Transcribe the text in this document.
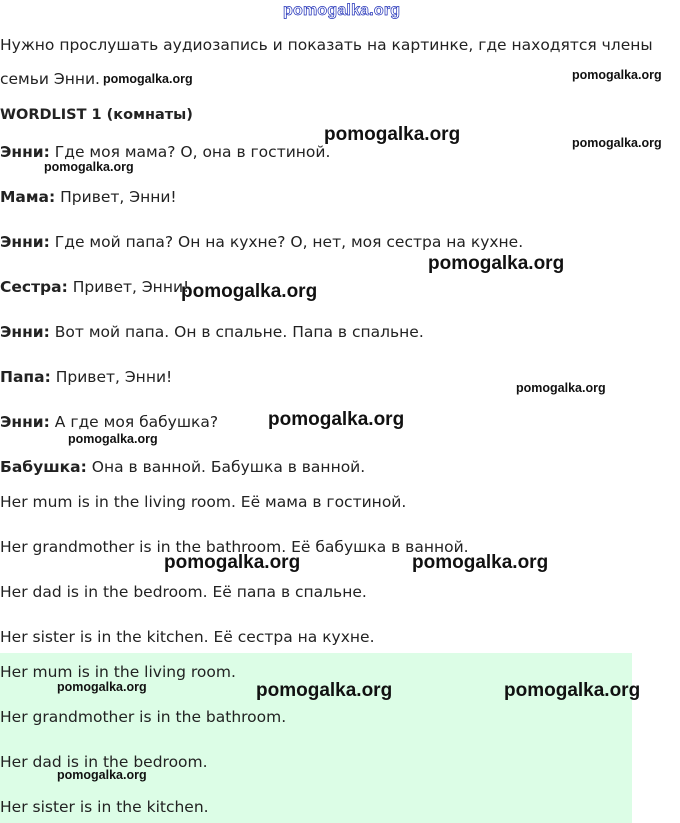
pomogalka.org
Нужно прослушать аудиозапись и показать на картинке, где находятся члены
семьи Энни.
WORDLIST 1 (комнаты)
Энни: Где моя мама? О, она в гостиной.
Мама: Привет, Энни!
Энни: Где мой папа? Он на кухне? О, нет, моя сестра на кухне.
Сестра: Привет, Энни!
Энни: Вот мой папа. Он в спальне. Папа в спальне.
Папа: Привет, Энни!
Энни: А где моя бабушка?
Бабушка: Она в ванной. Бабушка в ванной.
Her mum is in the living room. Её мама в гостиной.
Her grandmother is in the bathroom. Её бабушка в ванной.
Her dad is in the bedroom. Её папа в спальне.
Her sister is in the kitchen. Её сестра на кухне.
Her mum is in the living room.
Her grandmother is in the bathroom.
Her dad is in the bedroom.
Her sister is in the kitchen.
pomogalka.org	pomogalka.org
pomogalka.org	pomogalka.org
pomogalka.org
pomogalka.org
pomogalka.org
pomogalka.org
pomogalka.org
pomogalka.org
pomogalka.org	pomogalka.org
pomogalka.org	pomogalka.org	pomogalka.org
pomogalka.org
